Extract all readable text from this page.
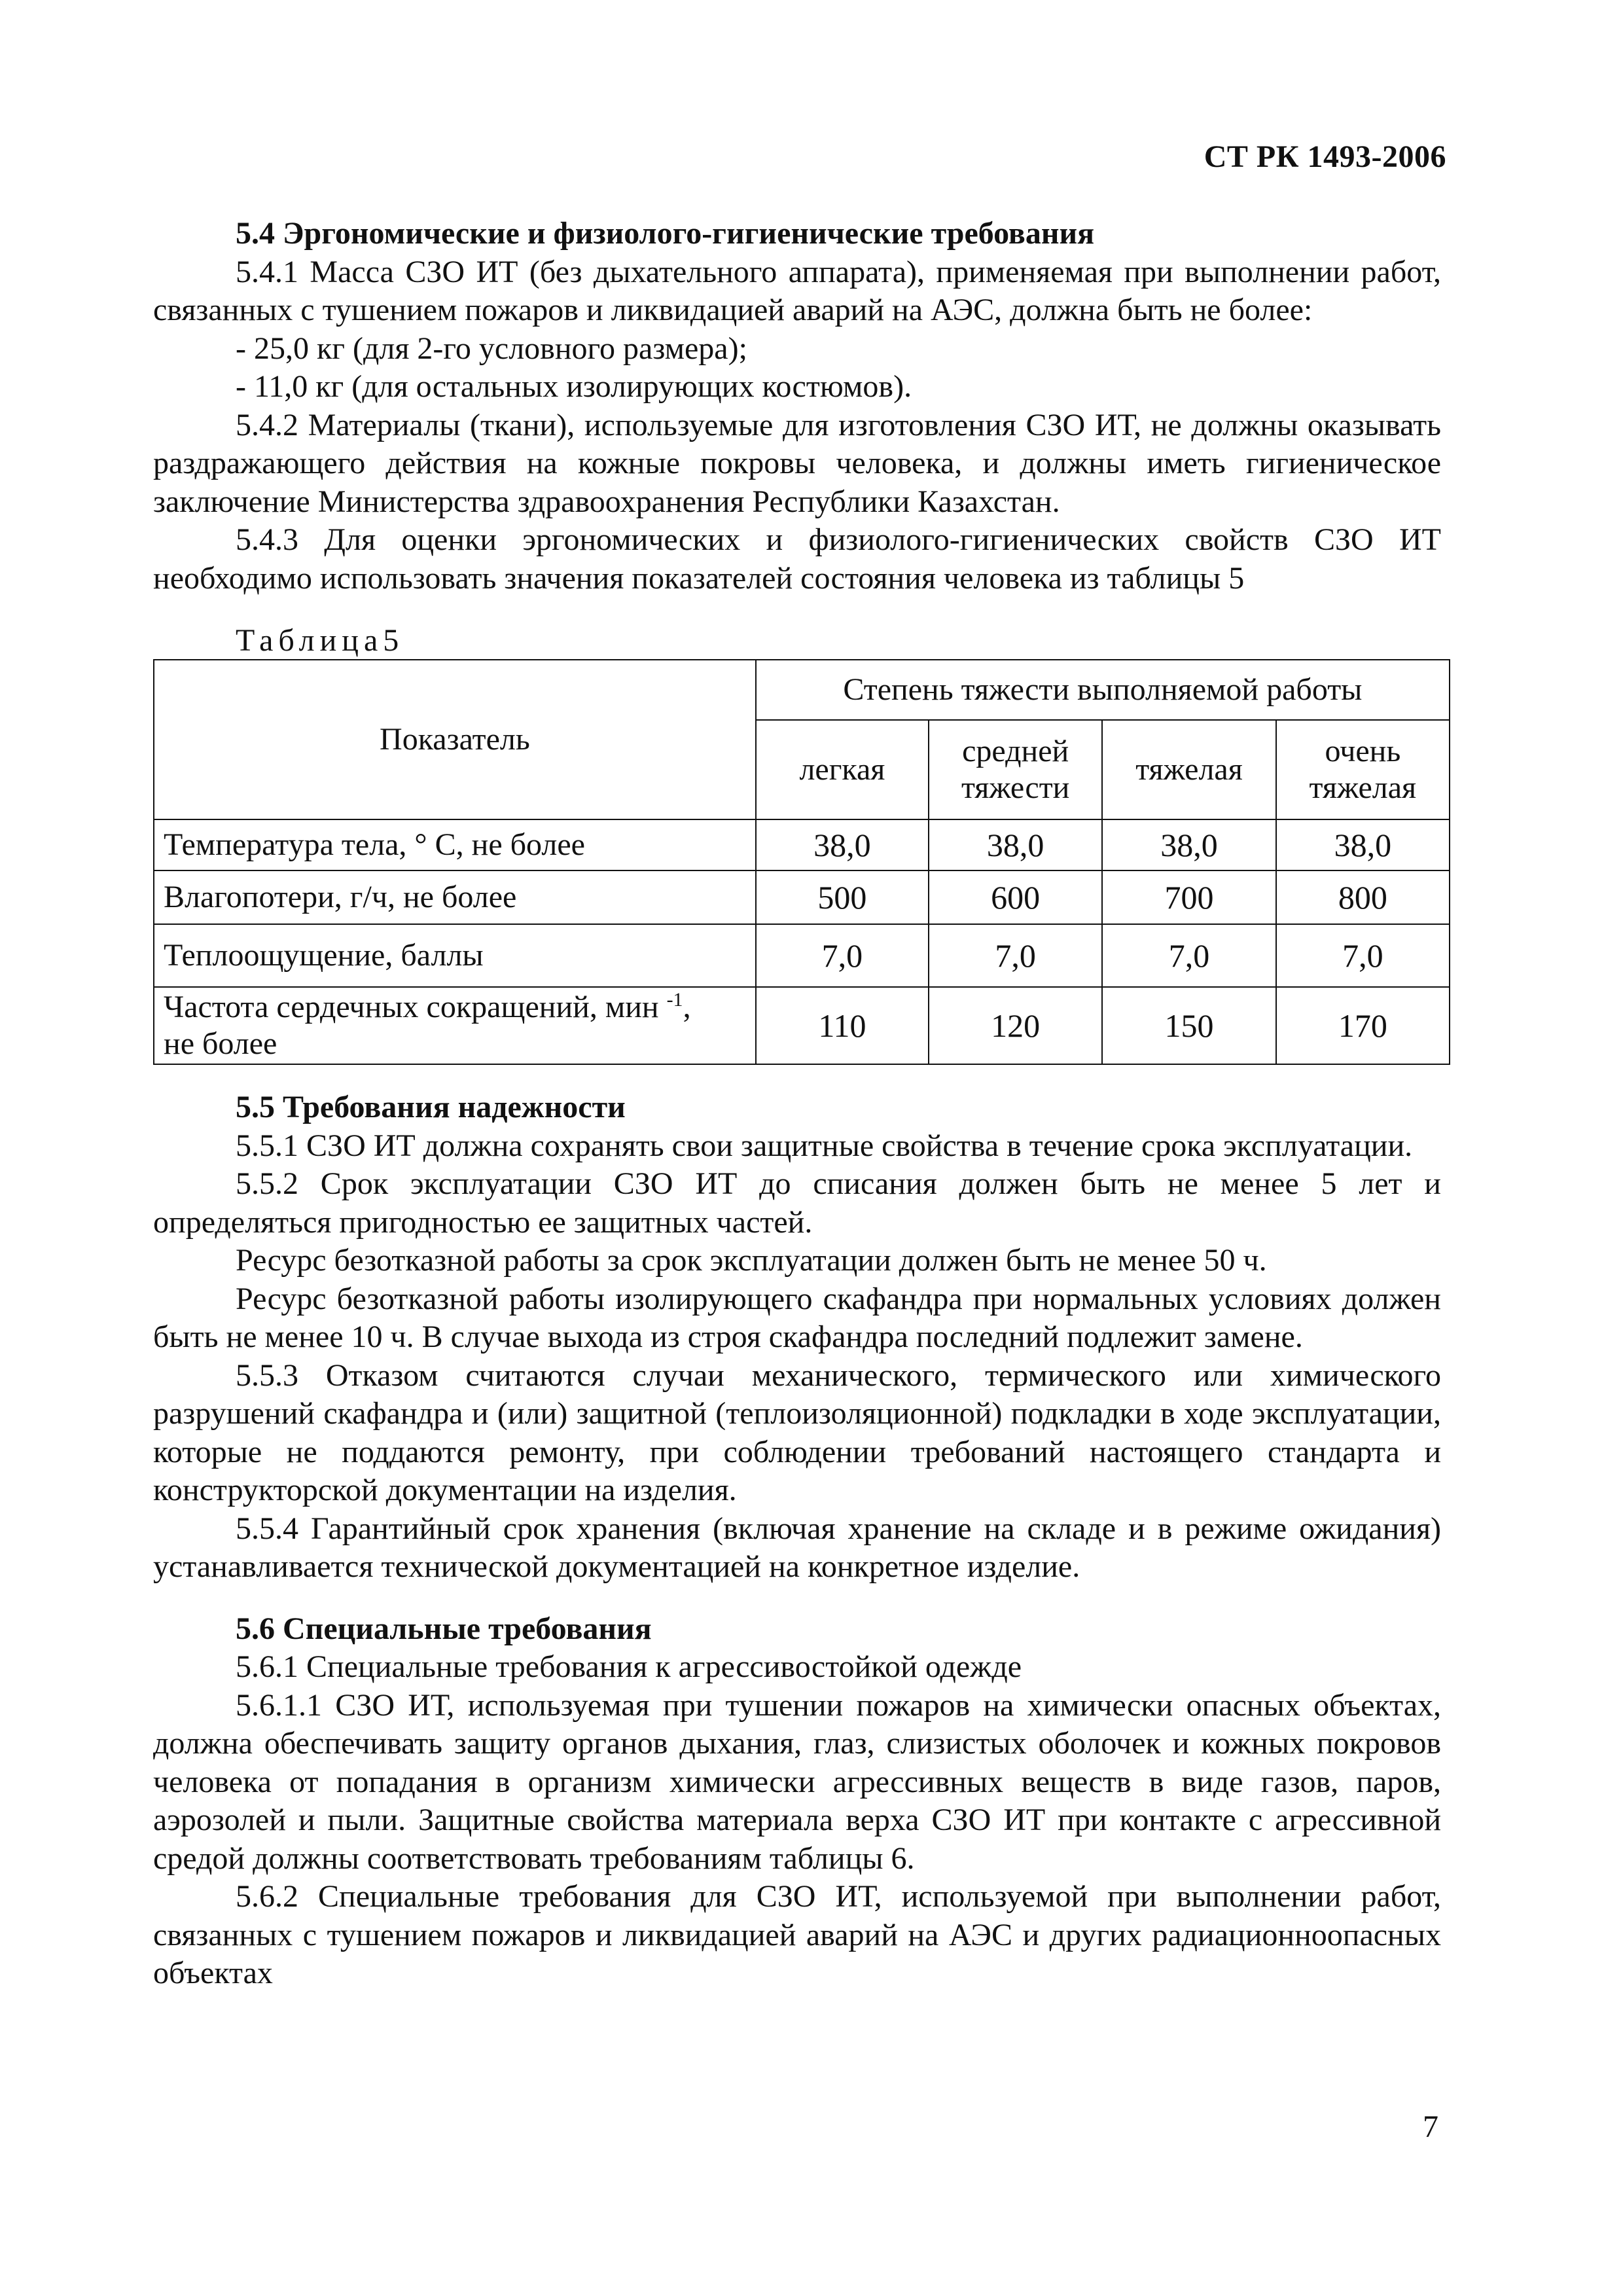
СТ РК 1493-2006
5.4 Эргономические и физиолого-гигиенические требования

5.4.1 Масса СЗО ИТ (без дыхательного аппарата), применяемая при выполнении работ, связанных с тушением пожаров и ликвидацией аварий на АЭС, должна быть не более:

- 25,0 кг (для 2-го условного размера);
- 11,0 кг (для остальных изолирующих костюмов).

5.4.2 Материалы (ткани), используемые для изготовления СЗО ИТ, не должны оказывать раздражающего действия на кожные покровы человека, и должны иметь гигиеническое заключение Министерства здравоохранения Республики Казахстан.

5.4.3 Для оценки эргономических и физиолого-гигиенических свойств СЗО ИТ необходимо использовать значения показателей состояния человека из таблицы 5

Таблица5
Показатель	Степень тяжести выполняемой работы			
	легкая	средней тяжести	тяжелая	очень тяжелая
Температура тела, ° С, не более	38,0	38,0	38,0	38,0
Влагопотери, г/ч, не более	500	600	700	800
Теплоощущение, баллы	7,0	7,0	7,0	7,0
Частота сердечных сокращений, мин $^{-1}$,
не более	110	120	150	170
5.5 Требования надежности

5.5.1 СЗО ИТ должна сохранять свои защитные свойства в течение срока эксплуатации.

5.5.2 Срок эксплуатации СЗО ИТ до списания должен быть не менее 5 лет и определяться пригодностью ее защитных частей.

Ресурс безотказной работы за срок эксплуатации должен быть не менее 50 ч.

Ресурс безотказной работы изолирующего скафандра при нормальных условиях должен быть не менее 10 ч. В случае выхода из строя скафандра последний подлежит замене.

5.5.3 Отказом считаются случаи механического, термического или химического разрушений скафандра и (или) защитной (теплоизоляционной) подкладки в ходе эксплуатации, которые не поддаются ремонту, при соблюдении требований настоящего стандарта и конструкторской документации на изделия.

5.5.4 Гарантийный срок хранения (включая хранение на складе и в режиме ожидания) устанавливается технической документацией на конкретное изделие.

5.6 Специальные требования

5.6.1 Специальные требования к агрессивостойкой одежде

5.6.1.1 СЗО ИТ, используемая при тушении пожаров на химически опасных объектах, должна обеспечивать защиту органов дыхания, глаз, слизистых оболочек и кожных покровов человека от попадания в организм химически агрессивных веществ в виде газов, паров, аэрозолей и пыли. Защитные свойства материала верха СЗО ИТ при контакте с агрессивной средой должны соответствовать требованиям таблицы 6.

5.6.2 Специальные требования для СЗО ИТ, используемой при выполнении работ, связанных с тушением пожаров и ликвидацией аварий на АЭС и других радиационноопасных объектах

7
